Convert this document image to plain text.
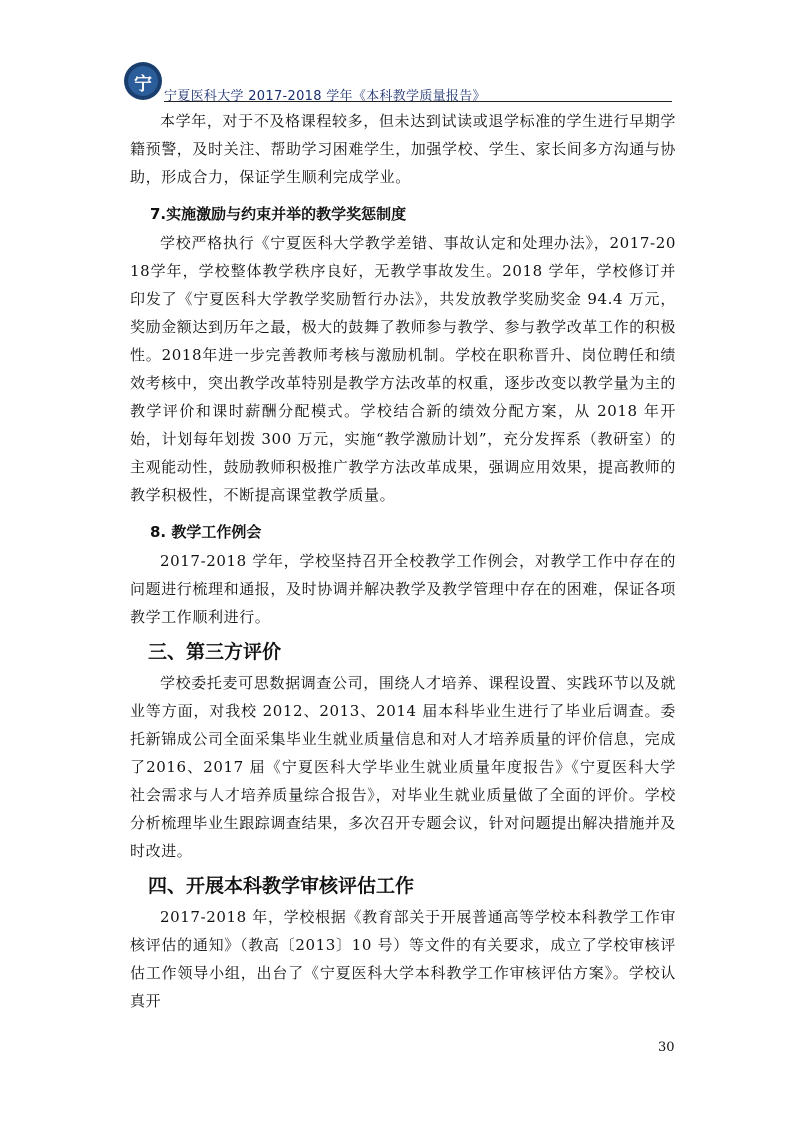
宁
宁夏医科大学 2017-2018 学年《本科教学质量报告》

本学年，对于不及格课程较多，但未达到试读或退学标准的学生进行早期学籍预警，及时关注、帮助学习困难学生，加强学校、学生、家长间多方沟通与协助，形成合力，保证学生顺利完成学业。

7.实施激励与约束并举的教学奖惩制度

学校严格执行《宁夏医科大学教学差错、事故认定和处理办法》，2017-2018学年，学校整体教学秩序良好，无教学事故发生。2018 学年，学校修订并印发了《宁夏医科大学教学奖励暂行办法》，共发放教学奖励奖金 94.4 万元，奖励金额达到历年之最，极大的鼓舞了教师参与教学、参与教学改革工作的积极性。2018年进一步完善教师考核与激励机制。学校在职称晋升、岗位聘任和绩效考核中，突出教学改革特别是教学方法改革的权重，逐步改变以教学量为主的教学评价和课时薪酬分配模式。学校结合新的绩效分配方案，从 2018 年开始，计划每年划拨 300 万元，实施“教学激励计划”，充分发挥系（教研室）的主观能动性，鼓励教师积极推广教学方法改革成果，强调应用效果，提高教师的教学积极性，不断提高课堂教学质量。

8. 教学工作例会

2017-2018 学年，学校坚持召开全校教学工作例会，对教学工作中存在的问题进行梳理和通报，及时协调并解决教学及教学管理中存在的困难，保证各项教学工作顺利进行。

三、第三方评价

学校委托麦可思数据调查公司，围绕人才培养、课程设置、实践环节以及就业等方面，对我校 2012、2013、2014 届本科毕业生进行了毕业后调查。委托新锦成公司全面采集毕业生就业质量信息和对人才培养质量的评价信息，完成了2016、2017 届《宁夏医科大学毕业生就业质量年度报告》《宁夏医科大学社会需求与人才培养质量综合报告》，对毕业生就业质量做了全面的评价。学校分析梳理毕业生跟踪调查结果，多次召开专题会议，针对问题提出解决措施并及时改进。

四、开展本科教学审核评估工作

2017-2018 年，学校根据《教育部关于开展普通高等学校本科教学工作审核评估的通知》（教高〔2013〕10 号）等文件的有关要求，成立了学校审核评估工作领导小组，出台了《宁夏医科大学本科教学工作审核评估方案》。学校认真开

30
